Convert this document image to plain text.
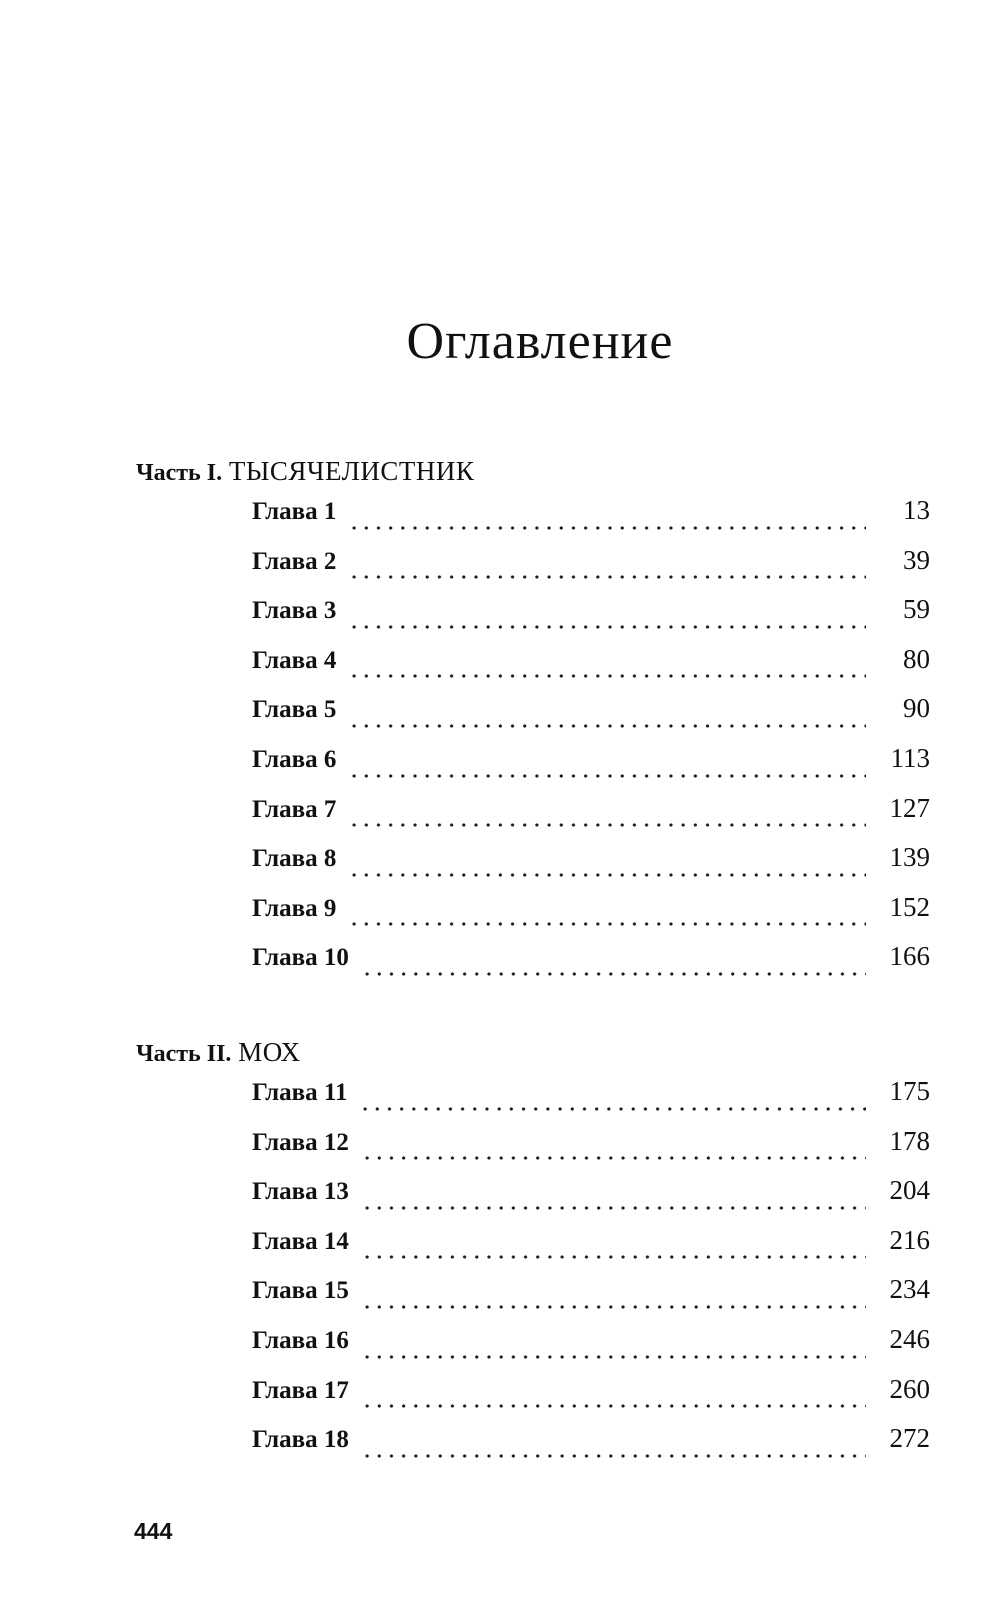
Оглавление
Часть I. ТЫСЯЧЕЛИСТНИК
Глава 1	13
Глава 2	39
Глава 3	59
Глава 4	80
Глава 5	90
Глава 6	113
Глава 7	127
Глава 8	139
Глава 9	152
Глава 10	166
Часть II. МОХ
Глава 11	175
Глава 12	178
Глава 13	204
Глава 14	216
Глава 15	234
Глава 16	246
Глава 17	260
Глава 18	272
444
